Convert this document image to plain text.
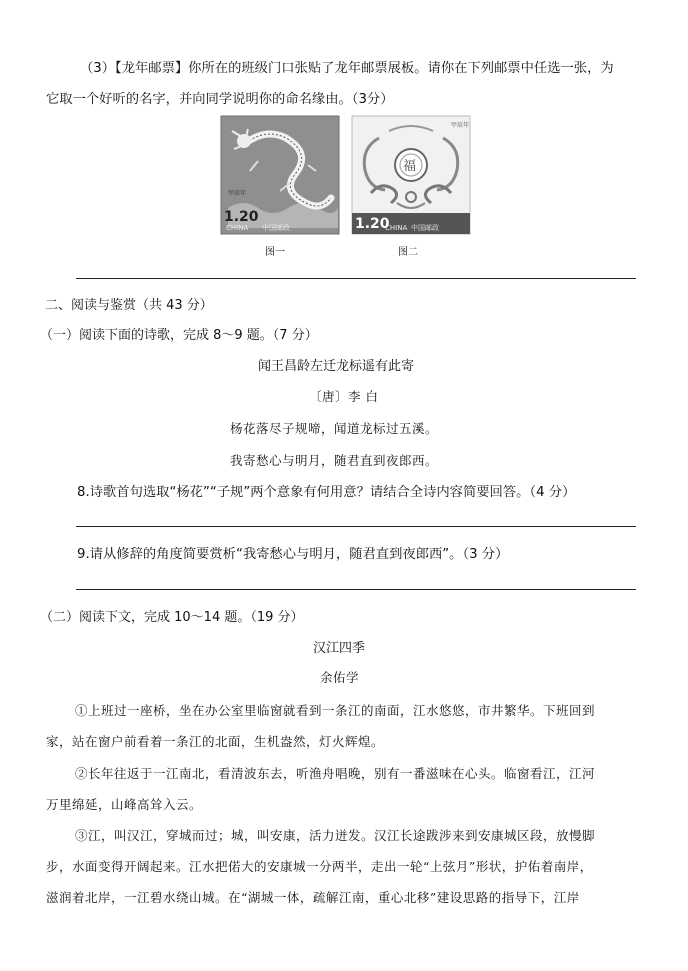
（3）【龙年邮票】你所在的班级门口张贴了龙年邮票展板。请你在下列邮票中任选一张，为
它取一个好听的名字，并向同学说明你的命名缘由。（3分）
CHINA 中国邮政
1.20
甲辰年
图一
福
CHINA 中国邮政
1.20
甲辰年
图二
二、阅读与鉴赏（共 43 分）
（一）阅读下面的诗歌，完成 8～9 题。（7 分）
闻王昌龄左迁龙标遥有此寄
〔唐〕李 白
杨花落尽子规啼，闻道龙标过五溪。
我寄愁心与明月，随君直到夜郎西。
8.诗歌首句选取“杨花”“子规”两个意象有何用意？请结合全诗内容简要回答。（4 分）
9.请从修辞的角度简要赏析“我寄愁心与明月，随君直到夜郎西”。（3 分）
（二）阅读下文，完成 10～14 题。（19 分）
汉江四季
余佑学
①上班过一座桥，坐在办公室里临窗就看到一条江的南面，江水悠悠，市井繁华。下班回到
家，站在窗户前看着一条江的北面，生机盎然，灯火辉煌。
②长年往返于一江南北，看清波东去，听渔舟唱晚，别有一番滋味在心头。临窗看江，江河
万里绵延，山峰高耸入云。
③江，叫汉江，穿城而过；城，叫安康，活力迸发。汉江长途跋涉来到安康城区段，放慢脚
步，水面变得开阔起来。江水把偌大的安康城一分两半，走出一轮“上弦月”形状，护佑着南岸，
滋润着北岸，一江碧水绕山城。在“湖城一体，疏解江南，重心北移”建设思路的指导下，江岸
